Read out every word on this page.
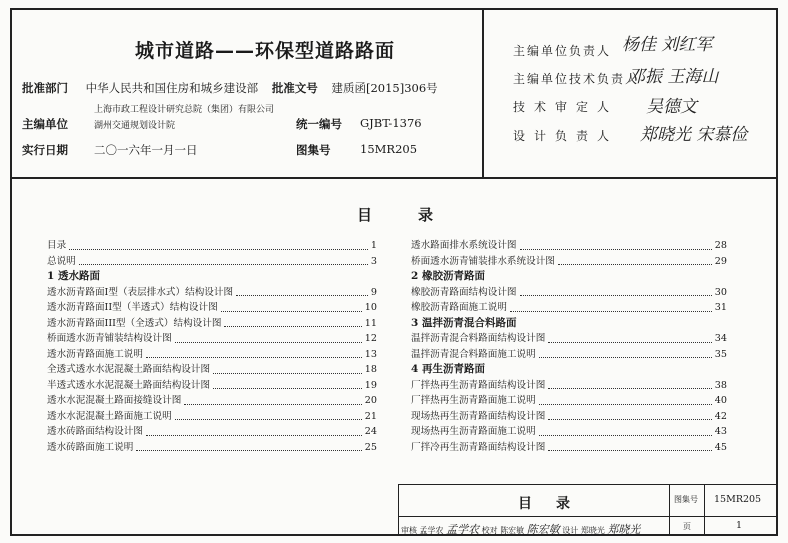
城市道路——环保型道路路面
批准部门 中华人民共和国住房和城乡建设部 批准文号 建质函[2015]306号
主编单位
上海市政工程设计研究总院（集团）有限公司
湖州交通规划设计院	统一编号 GJBT-1376
实行日期 二〇一六年一月一日	图集号	15MR205
主编单位负责人 杨佳 刘红军
主编单位技术负责人
邓振 王海山
技术审定人 吴德文
设计负责人 郑晓光 宋慕俭
目	录
目录	1
总说明	3
1 透水路面
透水沥青路面I型（表层排水式）结构设计图	9
透水沥青路面II型（半透式）结构设计图	10
透水沥青路面III型（全透式）结构设计图	11
桥面透水沥青铺装结构设计图	12
透水沥青路面施工说明	13
全透式透水水泥混凝土路面结构设计图	18
半透式透水水泥混凝土路面结构设计图	19
透水水泥混凝土路面接缝设计图	20
透水水泥混凝土路面施工说明	21
透水砖路面结构设计图	24
透水砖路面施工说明	25
透水路面排水系统设计图	28
桥面透水沥青铺装排水系统设计图	29
2 橡胶沥青路面
橡胶沥青路面结构设计图	30
橡胶沥青路面施工说明	31
3 温拌沥青混合料路面
温拌沥青混合料路面结构设计图	34
温拌沥青混合料路面施工说明	35
4 再生沥青路面
厂拌热再生沥青路面结构设计图	38
厂拌热再生沥青路面施工说明	40
现场热再生沥青路面结构设计图	42
现场热再生沥青路面施工说明	43
厂拌冷再生沥青路面结构设计图	45
目 录	图集号 15MR205
审核 孟学农 孟学农 校对 陈宏敏 陈宏敏 设计 郑晓光 郑晓光	页	1
